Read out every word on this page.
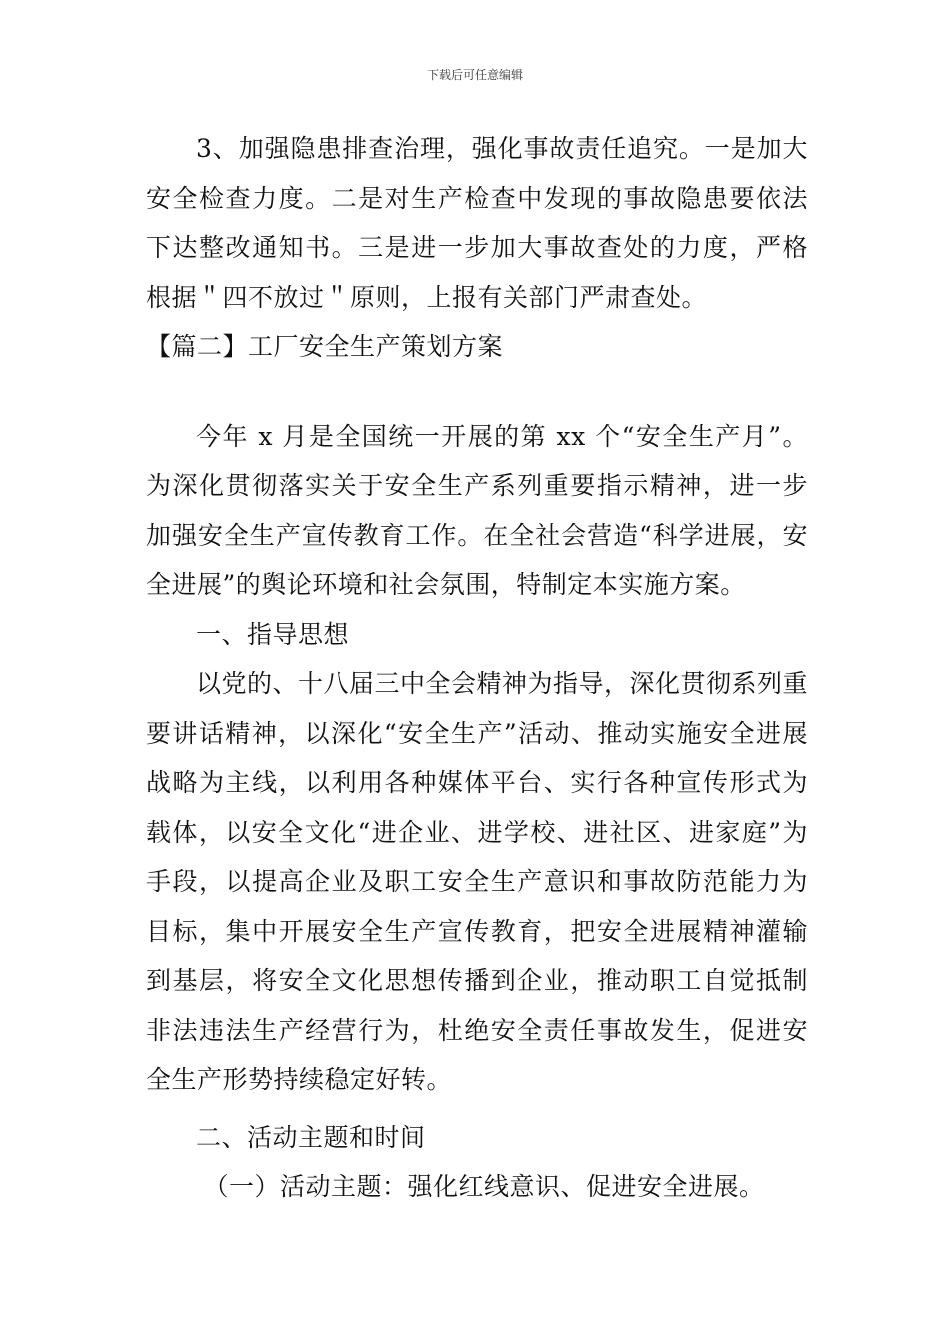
下载后可任意编辑

3、加强隐患排查治理，强化事故责任追究。一是加大安全检查力度。二是对生产检查中发现的事故隐患要依法下达整改通知书。三是进一步加大事故查处的力度，严格根据＂四不放过＂原则，上报有关部门严肃查处。

【篇二】工厂安全生产策划方案

今年 x 月是全国统一开展的第 xx 个“安全生产月”。为深化贯彻落实关于安全生产系列重要指示精神，进一步加强安全生产宣传教育工作。在全社会营造“科学进展，安全进展”的舆论环境和社会氛围，特制定本实施方案。

一、指导思想

以党的、十八届三中全会精神为指导，深化贯彻系列重要讲话精神，以深化“安全生产”活动、推动实施安全进展战略为主线，以利用各种媒体平台、实行各种宣传形式为载体，以安全文化“进企业、进学校、进社区、进家庭”为手段，以提高企业及职工安全生产意识和事故防范能力为目标，集中开展安全生产宣传教育，把安全进展精神灌输到基层，将安全文化思想传播到企业，推动职工自觉抵制非法违法生产经营行为，杜绝安全责任事故发生，促进安全生产形势持续稳定好转。

二、活动主题和时间

（一）活动主题：强化红线意识、促进安全进展。
